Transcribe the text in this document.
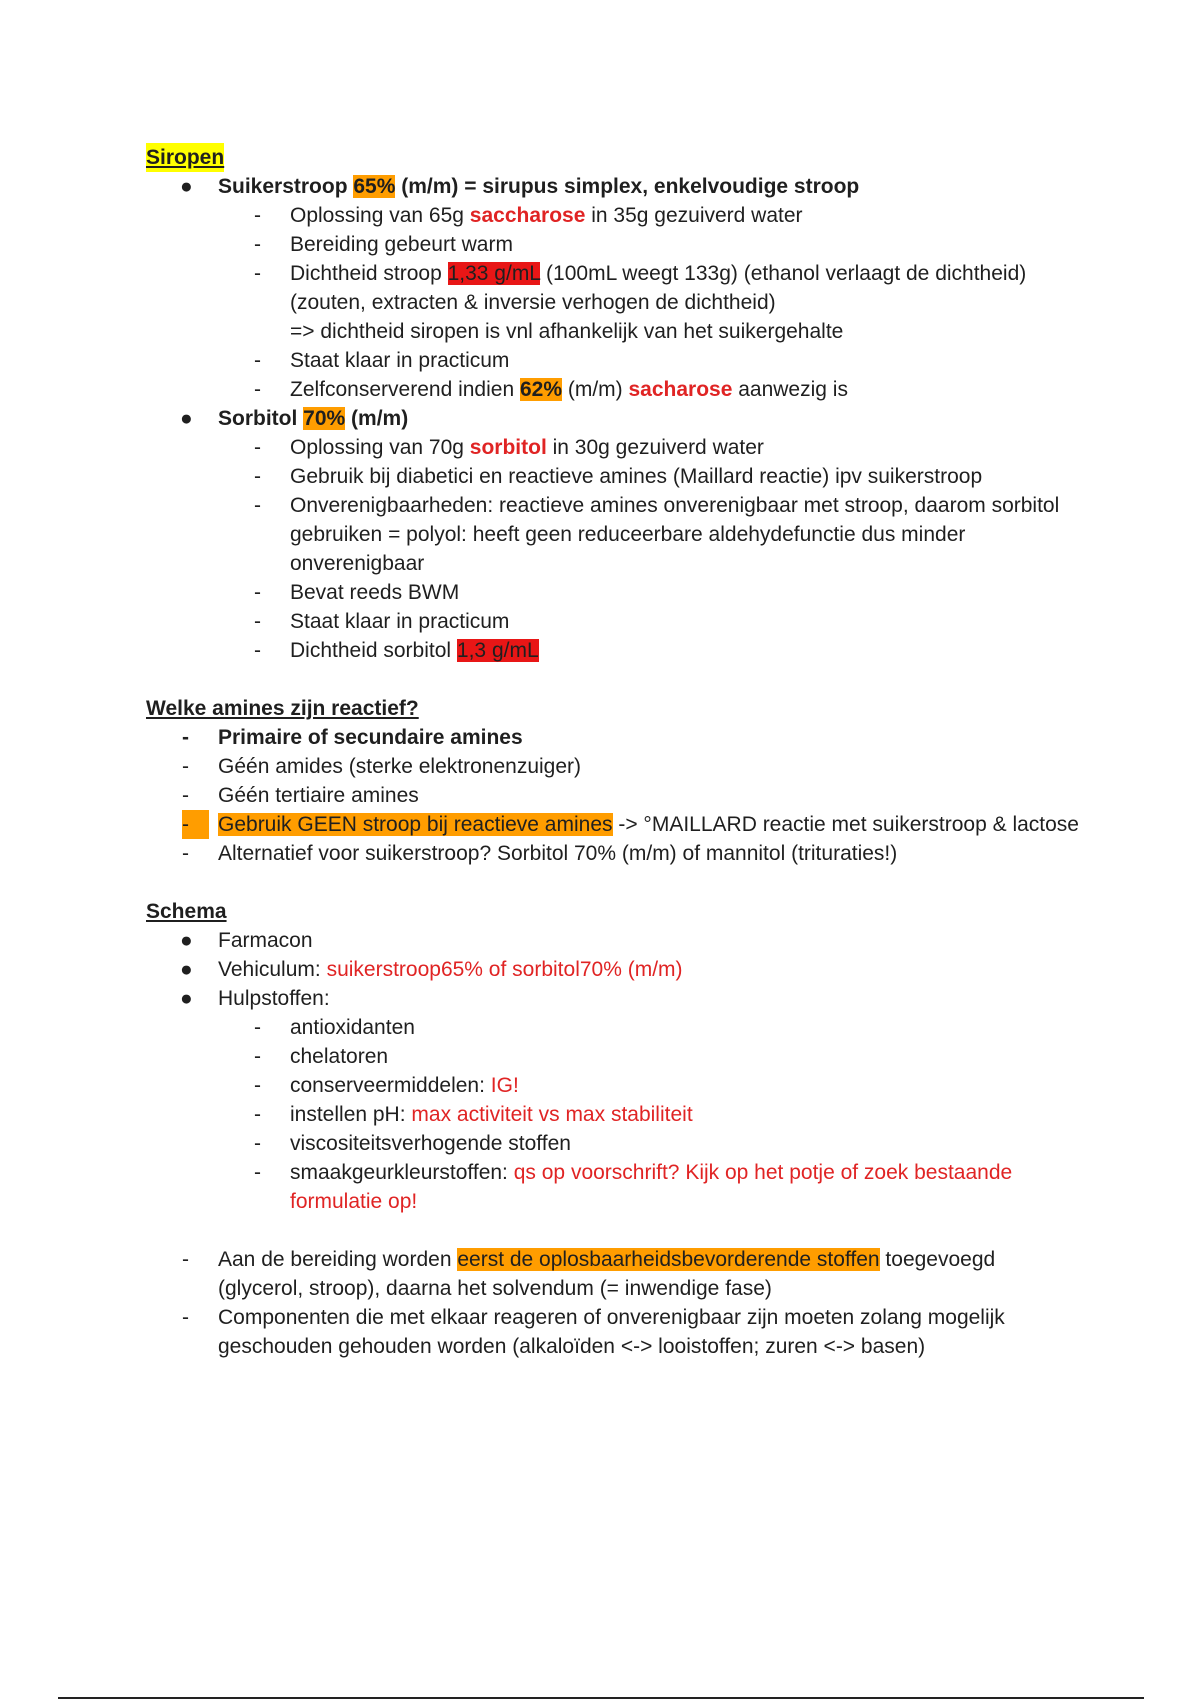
Siropen
● Suikerstroop 65% (m/m) = sirupus simplex, enkelvoudige stroop
- Oplossing van 65g saccharose in 35g gezuiverd water
- Bereiding gebeurt warm
- Dichtheid stroop 1,33 g/mL (100mL weegt 133g) (ethanol verlaagt de dichtheid) (zouten, extracten & inversie verhogen de dichtheid)
=> dichtheid siropen is vnl afhankelijk van het suikergehalte
- Staat klaar in practicum
- Zelfconserverend indien 62% (m/m) sacharose aanwezig is
● Sorbitol 70% (m/m)
- Oplossing van 70g sorbitol in 30g gezuiverd water
- Gebruik bij diabetici en reactieve amines (Maillard reactie) ipv suikerstroop
- Onverenigbaarheden: reactieve amines onverenigbaar met stroop, daarom sorbitol gebruiken = polyol: heeft geen reduceerbare aldehydefunctie dus minder onverenigbaar
- Bevat reeds BWM
- Staat klaar in practicum
- Dichtheid sorbitol 1,3 g/mL
Welke amines zijn reactief?
- Primaire of secundaire amines
- Géén amides (sterke elektronenzuiger)
- Géén tertiaire amines
-	Gebruik GEEN stroop bij reactieve amines -> °MAILLARD reactie met suikerstroop & lactose
- Alternatief voor suikerstroop? Sorbitol 70% (m/m) of mannitol (trituraties!)
Schema
● Farmacon
● Vehiculum: suikerstroop65% of sorbitol70% (m/m)
● Hulpstoffen:
- antioxidanten
- chelatoren
- conserveermiddelen: IG!
- instellen pH: max activiteit vs max stabiliteit
- viscositeitsverhogende stoffen
- smaakgeurkleurstoffen: qs op voorschrift? Kijk op het potje of zoek bestaande formulatie op!
- Aan de bereiding worden eerst de oplosbaarheidsbevorderende stoffen toegevoegd (glycerol, stroop), daarna het solvendum (= inwendige fase)
- Componenten die met elkaar reageren of onverenigbaar zijn moeten zolang mogelijk geschouden gehouden worden (alkaloïden <-> looistoffen; zuren <-> basen)
